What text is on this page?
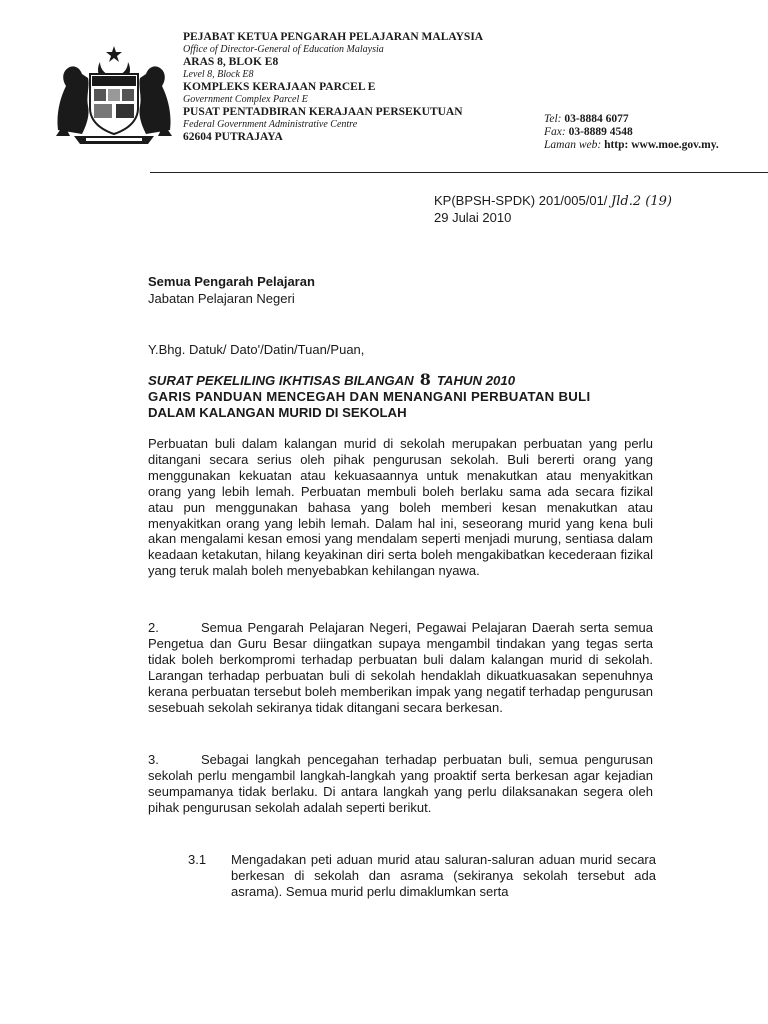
PEJABAT KETUA PENGARAH PELAJARAN MALAYSIA
Office of Director-General of Education Malaysia
ARAS 8, BLOK E8
Level 8, Block E8
KOMPLEKS KERAJAAN PARCEL E
Government Complex Parcel E
PUSAT PENTADBIRAN KERAJAAN PERSEKUTUAN
Federal Government Administrative Centre
62604 PUTRAJAYA
Tel: 03-8884 6077
Fax: 03-8889 4548
Laman web: http: www.moe.gov.my.
KP(BPSH-SPDK) 201/005/01/ Jld.2 (19)
29 Julai 2010
Semua Pengarah Pelajaran
Jabatan Pelajaran Negeri
Y.Bhg. Datuk/ Dato'/Datin/Tuan/Puan,
SURAT PEKELILING IKHTISAS BILANGAN 8 TAHUN 2010
GARIS PANDUAN MENCEGAH DAN MENANGANI PERBUATAN BULI
DALAM KALANGAN MURID DI SEKOLAH
Perbuatan buli dalam kalangan murid di sekolah merupakan perbuatan yang perlu ditangani secara serius oleh pihak pengurusan sekolah. Buli bererti orang yang menggunakan kekuatan atau kekuasaannya untuk menakutkan atau menyakitkan orang yang lebih lemah. Perbuatan membuli boleh berlaku sama ada secara fizikal atau pun menggunakan bahasa yang boleh memberi kesan menakutkan atau menyakitkan orang yang lebih lemah. Dalam hal ini, seseorang murid yang kena buli akan mengalami kesan emosi yang mendalam seperti menjadi murung, sentiasa dalam keadaan ketakutan, hilang keyakinan diri serta boleh mengakibatkan kecederaan fizikal yang teruk malah boleh menyebabkan kehilangan nyawa.
2.	Semua Pengarah Pelajaran Negeri, Pegawai Pelajaran Daerah serta semua Pengetua dan Guru Besar diingatkan supaya mengambil tindakan yang tegas serta tidak boleh berkompromi terhadap perbuatan buli dalam kalangan murid di sekolah. Larangan terhadap perbuatan buli di sekolah hendaklah dikuatkuasakan sepenuhnya kerana perbuatan tersebut boleh memberikan impak yang negatif terhadap pengurusan sesebuah sekolah sekiranya tidak ditangani secara berkesan.
3.	Sebagai langkah pencegahan terhadap perbuatan buli, semua pengurusan sekolah perlu mengambil langkah-langkah yang proaktif serta berkesan agar kejadian seumpamanya tidak berlaku. Di antara langkah yang perlu dilaksanakan segera oleh pihak pengurusan sekolah adalah seperti berikut.
3.1 Mengadakan peti aduan murid atau saluran-saluran aduan murid secara berkesan di sekolah dan asrama (sekiranya sekolah tersebut ada asrama). Semua murid perlu dimaklumkan serta
